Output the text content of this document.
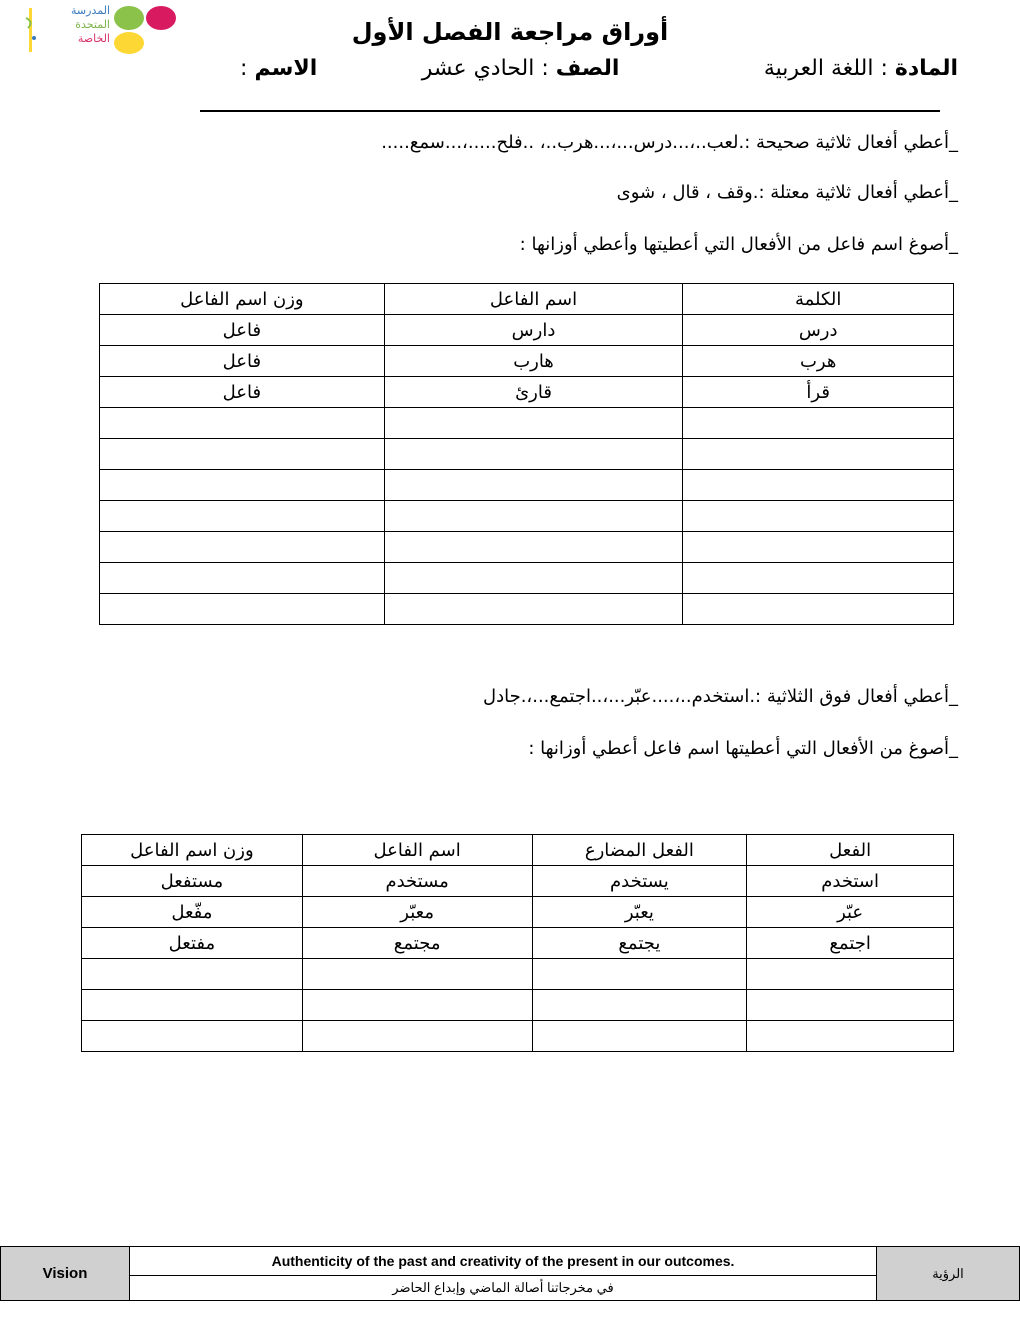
المدرسة
المتحدة
الخاصة	أوراق مراجعة الفصل الأول
المادة : اللغة العربية
الصف : الحادي عشر
الاسم :
_أعطي أفعال ثلاثية صحيحة :.لعب..،...درس...،...هرب..، ..فلح.....،...سمع.....
_أعطي أفعال ثلاثية معتلة :.وقف ، قال ، شوى
_أصوغ اسم فاعل من الأفعال التي أعطيتها وأعطي أوزانها :
الكلمة	اسم الفاعل	وزن اسم الفاعل
درس	دارس	فاعل
هرب	هارب	فاعل
قرأ	قارئ	فاعل

_أعطي أفعال فوق الثلاثية :.استخدم..،....عبّر...،..اجتمع...،.جادل
_أصوغ من الأفعال التي أعطيتها اسم فاعل أعطي أوزانها :
الفعل	الفعل المضارع	اسم الفاعل	وزن اسم الفاعل
استخدم	يستخدم	مستخدم	مستفعل
عبّر	يعبّر	معبّر	مفّعل
اجتمع	يجتمع	مجتمع	مفتعل

Vision	Authenticity of the past and creativity of the present in our outcomes.	الرؤية
في مخرجاتنا أصالة الماضي وإبداع الحاضر
